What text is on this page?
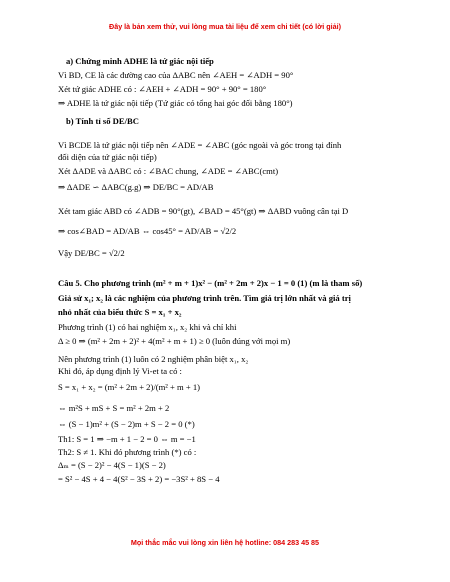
Đây là bản xem thử, vui lòng mua tài liệu để xem chi tiết (có lời giải)
a) Chứng minh ADHE là tứ giác nội tiếp
Vì BD, CE là các đường cao của ΔABC nên ∠AEH = ∠ADH = 90°
Xét tứ giác ADHE có : ∠AEH + ∠ADH = 90° + 90° = 180°
⇒ ADHE là tứ giác nội tiếp (Tứ giác có tổng hai góc đối bằng 180°)
b) Tính tỉ số DE/BC
Vì BCDE là tứ giác nội tiếp nên ∠ADE = ∠ABC (góc ngoài và góc trong tại đỉnh
đối diện của tứ giác nội tiếp)
Xét ΔADE và ΔABC có : ∠BAC chung, ∠ADE = ∠ABC(cmt)
⇒ ΔADE ∽ ΔABC(g.g) ⇒ DE/BC = AD/AB
Xét tam giác ABD có ∠ADB = 90°(gt), ∠BAD = 45°(gt) ⇒ ΔABD vuông cân tại D
⇒ cos∠BAD = AD/AB ⇔ cos45° = AD/AB = √2/2
Vậy DE/BC = √2/2
Câu 5. Cho phương trình (m² + m + 1)x² − (m² + 2m + 2)x − 1 = 0 (1) (m là tham số)
Giả sử x₁; x₂ là các nghiệm của phương trình trên. Tìm giá trị lớn nhất và giá trị
nhỏ nhất của biểu thức S = x₁ + x₂
Phương trình (1) có hai nghiệm x₁, x₂ khi và chỉ khi
Δ ≥ 0 ⇒ (m² + 2m + 2)² + 4(m² + m + 1) ≥ 0 (luôn đúng với mọi m)
Nên phương trình (1) luôn có 2 nghiệm phân biệt x₁, x₂
Khi đó, áp dụng định lý Vi-et ta có :
S = x₁ + x₂ = (m² + 2m + 2)/(m² + m + 1)
⇔ m²S + mS + S = m² + 2m + 2
⇔ (S − 1)m² + (S − 2)m + S − 2 = 0 (*)
Th1: S = 1 ⇒ −m + 1 − 2 = 0 ⇔ m = −1
Th2: S ≠ 1. Khi đó phương trình (*) có :
Δₘ = (S − 2)² − 4(S − 1)(S − 2)
= S² − 4S + 4 − 4(S² − 3S + 2) = −3S² + 8S − 4
Mọi thắc mắc vui lòng xin liên hệ hotline: 084 283 45 85
